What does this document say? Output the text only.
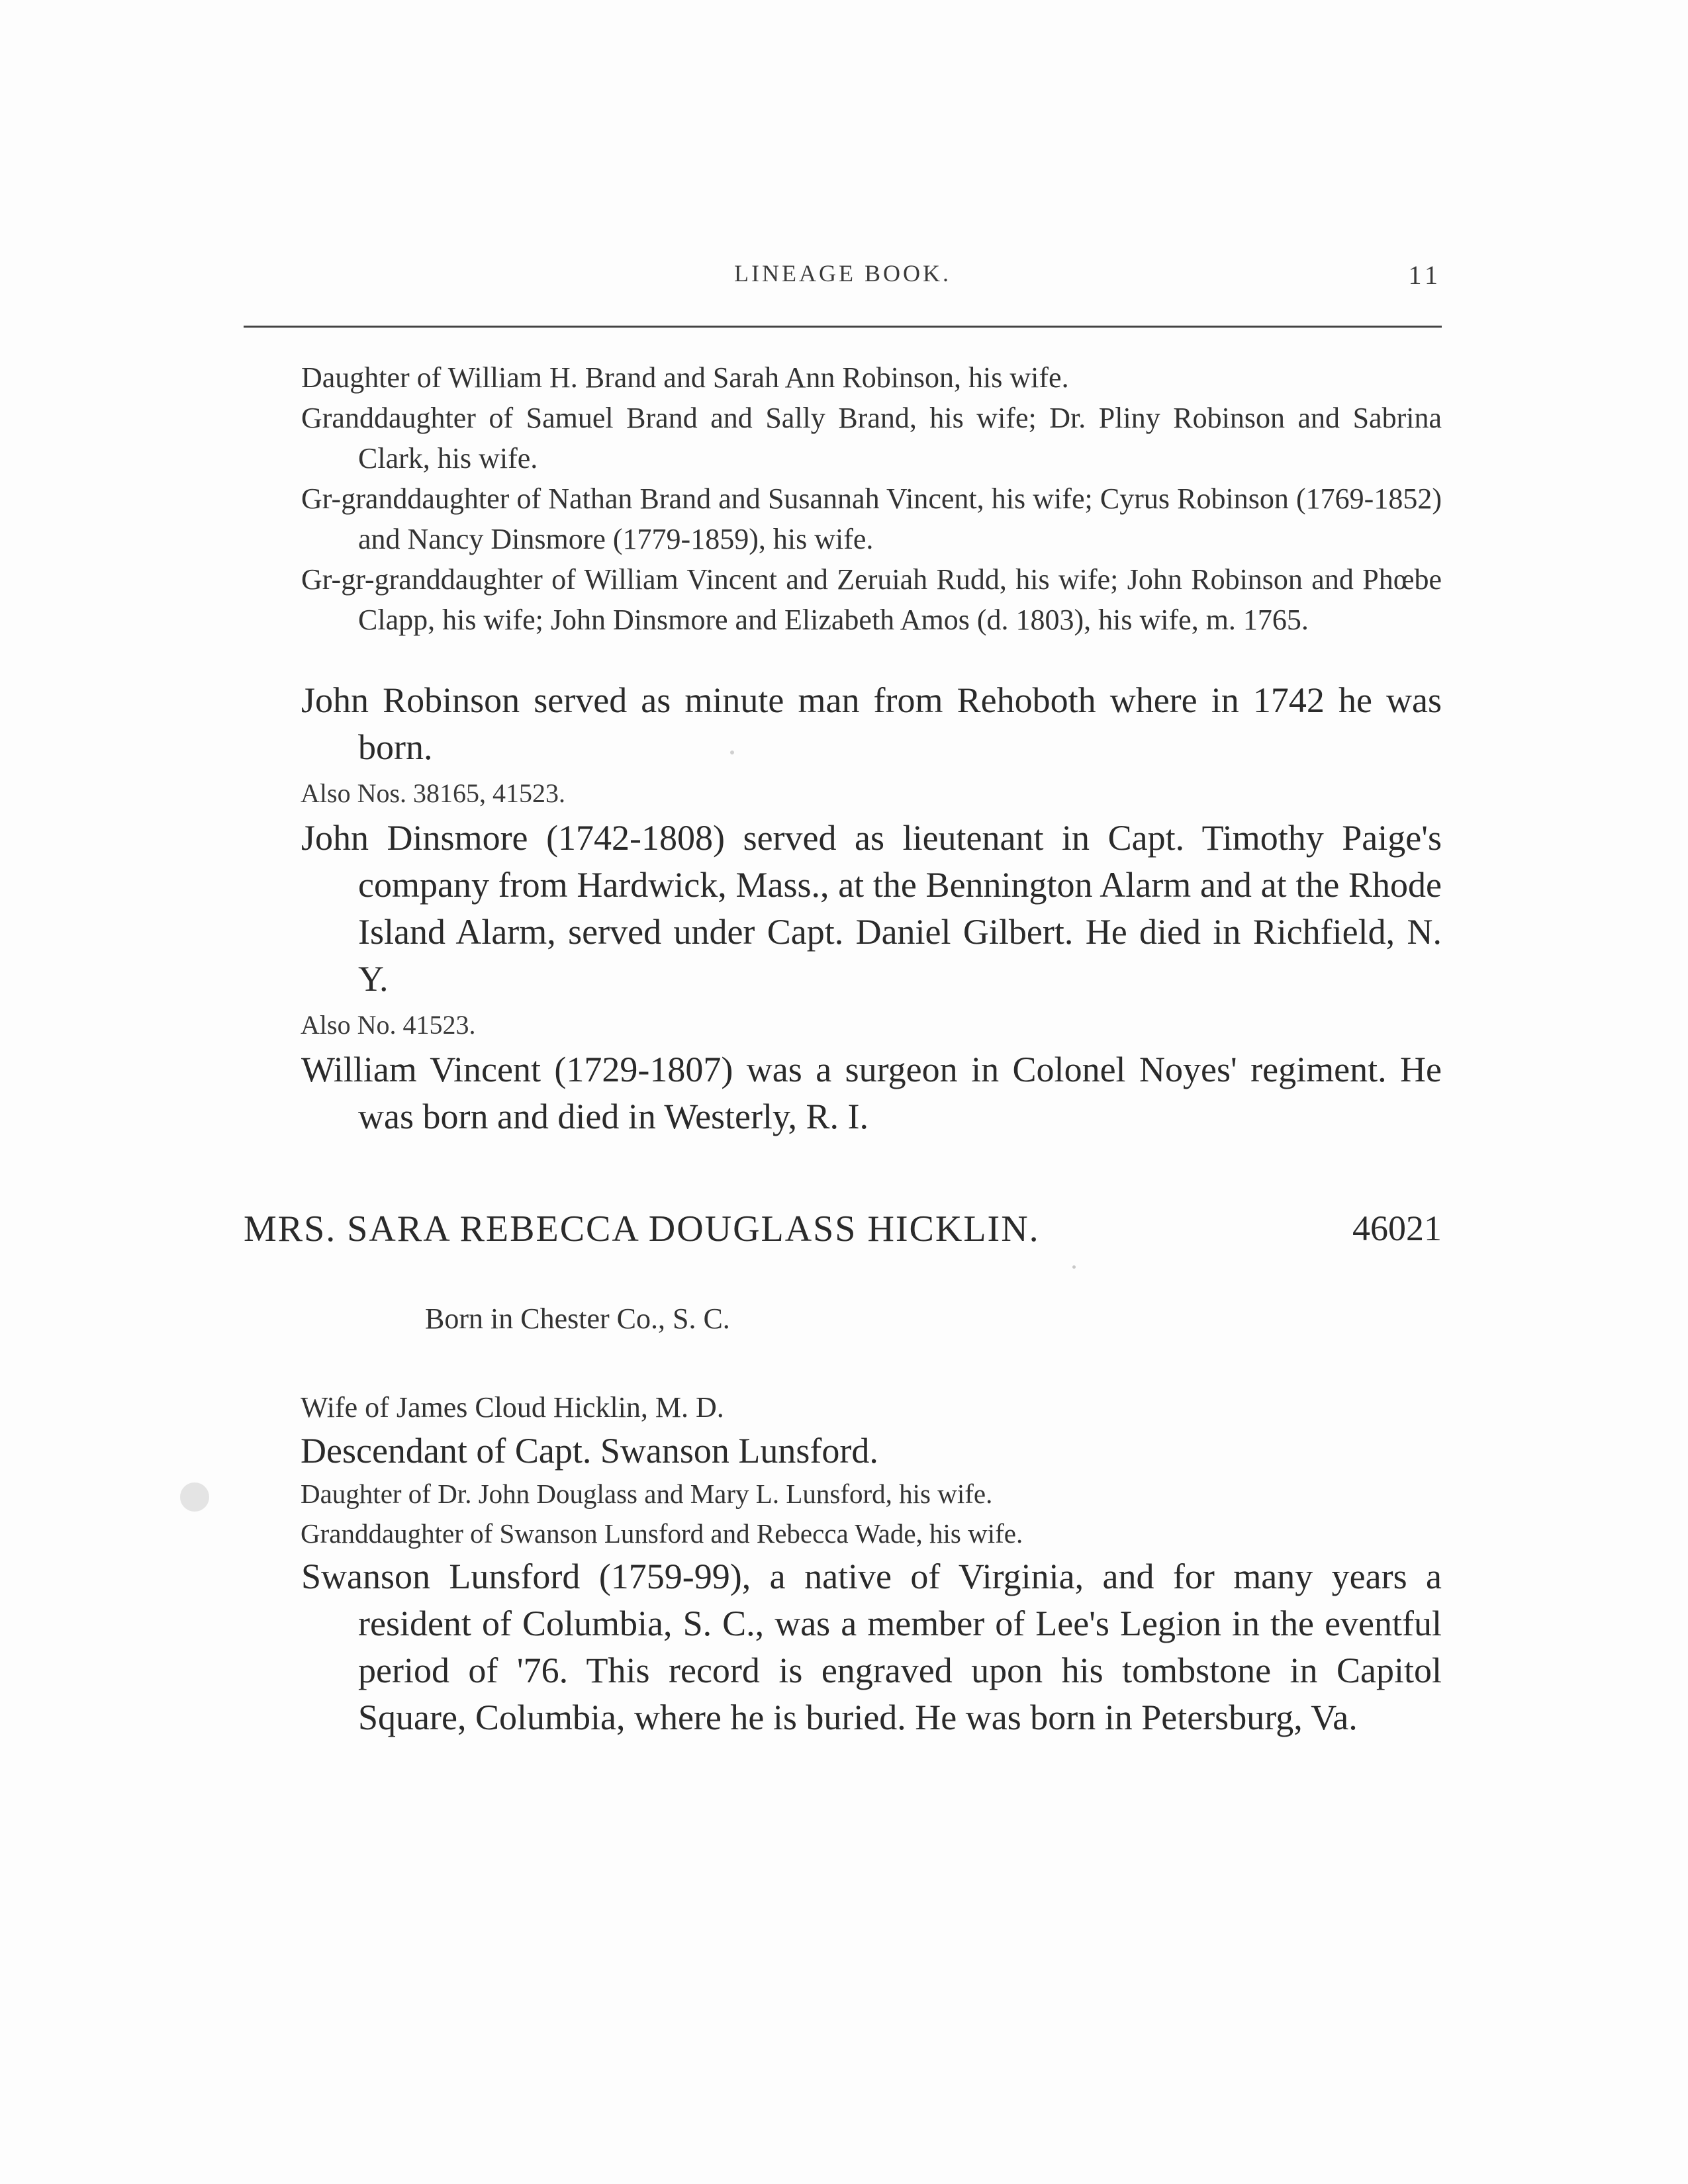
LINEAGE BOOK.	11

Daughter of William H. Brand and Sarah Ann Robinson, his wife.

Granddaughter of Samuel Brand and Sally Brand, his wife; Dr. Pliny Robinson and Sabrina Clark, his wife.

Gr-granddaughter of Nathan Brand and Susannah Vincent, his wife; Cyrus Robinson (1769-1852) and Nancy Dinsmore (1779-1859), his wife.

Gr-gr-granddaughter of William Vincent and Zeruiah Rudd, his wife; John Robinson and Phœbe Clapp, his wife; John Dinsmore and Elizabeth Amos (d. 1803), his wife, m. 1765.

John Robinson served as minute man from Rehoboth where in 1742 he was born.

Also Nos. 38165, 41523.

John Dinsmore (1742-1808) served as lieutenant in Capt. Timothy Paige's company from Hardwick, Mass., at the Bennington Alarm and at the Rhode Island Alarm, served under Capt. Daniel Gilbert. He died in Richfield, N. Y.

Also No. 41523.

William Vincent (1729-1807) was a surgeon in Colonel Noyes' regiment. He was born and died in Westerly, R. I.

MRS. SARA REBECCA DOUGLASS HICKLIN.	46021

Born in Chester Co., S. C.

Wife of James Cloud Hicklin, M. D.

Descendant of Capt. Swanson Lunsford.

Daughter of Dr. John Douglass and Mary L. Lunsford, his wife.

Granddaughter of Swanson Lunsford and Rebecca Wade, his wife.

Swanson Lunsford (1759-99), a native of Virginia, and for many years a resident of Columbia, S. C., was a member of Lee's Legion in the eventful period of '76. This record is engraved upon his tombstone in Capitol Square, Columbia, where he is buried. He was born in Petersburg, Va.
